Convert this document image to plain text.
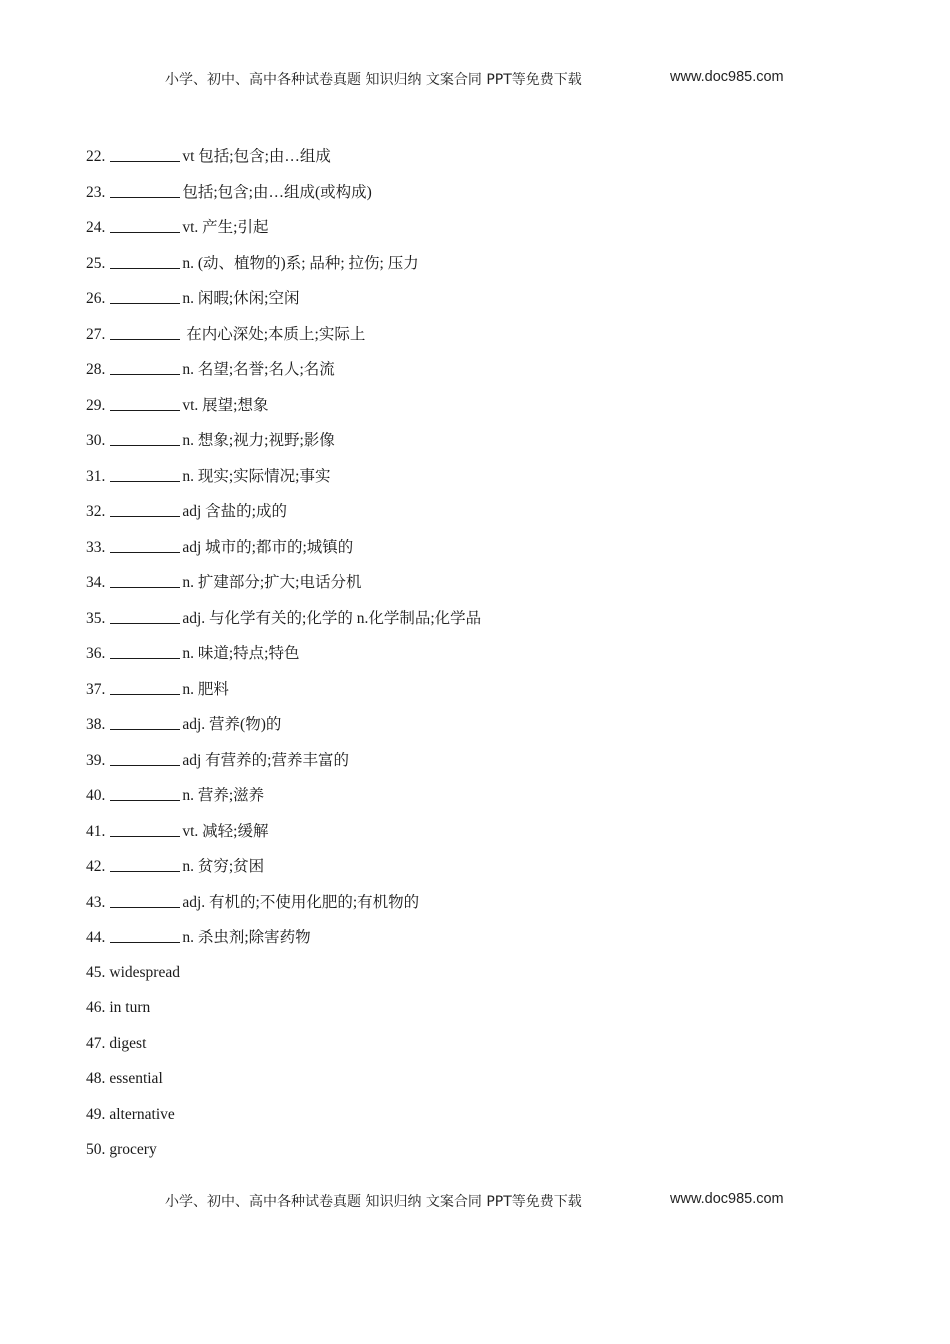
小学、初中、高中各种试卷真题 知识归纳 文案合同 PPT等免费下载	www.doc985.com
22.	vt 包括;包含;由…组成
23.	包括;包含;由…组成(或构成)
24.	vt. 产生;引起
25.	n. (动、植物的)系; 品种; 拉伤; 压力
26.	n. 闲暇;休闲;空闲
27.	在内心深处;本质上;实际上
28.	n. 名望;名誉;名人;名流
29.	vt. 展望;想象
30.	n. 想象;视力;视野;影像
31.	n. 现实;实际情况;事实
32.	adj 含盐的;成的
33.	adj 城市的;都市的;城镇的
34.	n. 扩建部分;扩大;电话分机
35.	adj. 与化学有关的;化学的 n.化学制品;化学品
36.	n. 味道;特点;特色
37.	n. 肥料
38.	adj. 营养(物)的
39.	adj 有营养的;营养丰富的
40.	n. 营养;滋养
41.	vt. 减轻;缓解
42.	n. 贫穷;贫困
43.	adj. 有机的;不使用化肥的;有机物的
44.	n. 杀虫剂;除害药物
45. widespread
46. in turn
47. digest
48. essential
49. alternative
50. grocery
小学、初中、高中各种试卷真题 知识归纳 文案合同 PPT等免费下载	www.doc985.com
